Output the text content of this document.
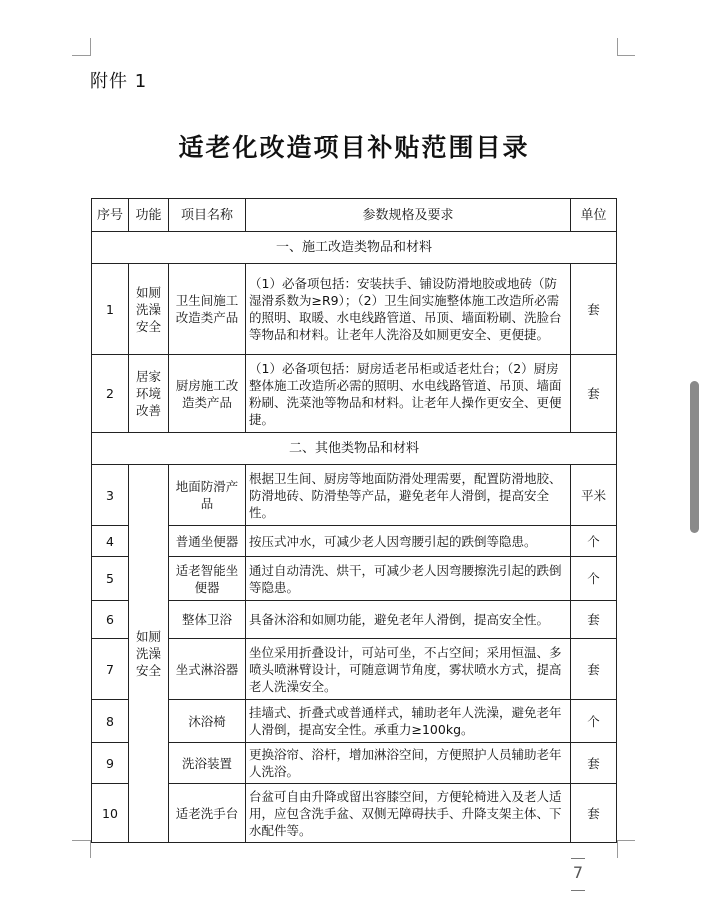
附件 1
适老化改造项目补贴范围目录
序号	功能	项目名称	参数规格及要求	单位
一、施工改造类物品和材料				
1	如厕洗澡安全	卫生间施工改造类产品	（1）必备项包括：安装扶手、铺设防滑地胶或地砖（防湿滑系数为≥R9）；（2）卫生间实施整体施工改造所必需的照明、取暖、水电线路管道、吊顶、墙面粉刷、洗脸台等物品和材料。让老年人洗浴及如厕更安全、更便捷。	套
2	居家环境改善	厨房施工改造类产品	（1）必备项包括：厨房适老吊柜或适老灶台；（2）厨房整体施工改造所必需的照明、水电线路管道、吊顶、墙面粉刷、洗菜池等物品和材料。让老年人操作更安全、更便捷。	套
二、其他类物品和材料				
3	如厕洗澡安全	地面防滑产品	根据卫生间、厨房等地面防滑处理需要，配置防滑地胶、防滑地砖、防滑垫等产品，避免老年人滑倒，提高安全性。	平米
4		普通坐便器	按压式冲水，可减少老人因弯腰引起的跌倒等隐患。	个
5		适老智能坐便器	通过自动清洗、烘干，可减少老人因弯腰擦洗引起的跌倒等隐患。	个
6		整体卫浴	具备沐浴和如厕功能，避免老年人滑倒，提高安全性。	套
7		坐式淋浴器	坐位采用折叠设计，可站可坐，不占空间；采用恒温、多喷头喷淋臂设计，可随意调节角度，雾状喷水方式，提高老人洗澡安全。	套
8		沐浴椅	挂墙式、折叠式或普通样式，辅助老年人洗澡，避免老年人滑倒，提高安全性。承重力≥100kg。	个
9		洗浴装置	更换浴帘、浴杆，增加淋浴空间，方便照护人员辅助老年人洗浴。	套
10		适老洗手台	台盆可自由升降或留出容膝空间，方便轮椅进入及老人适用，应包含洗手盆、双侧无障碍扶手、升降支架主体、下水配件等。	套
7
